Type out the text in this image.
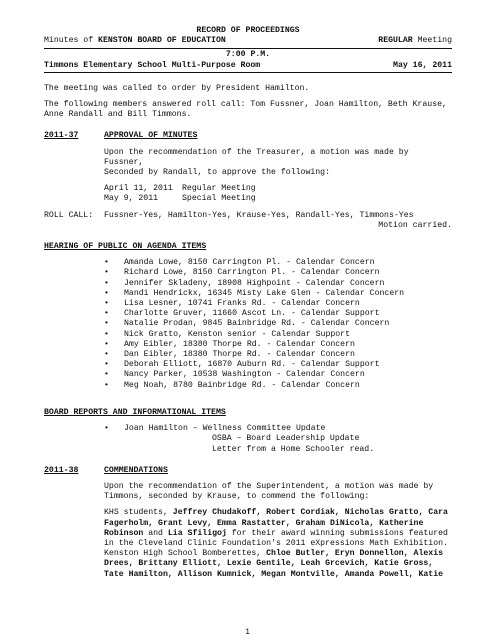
RECORD OF PROCEEDINGS
Minutes of KENSTON BOARD OF EDUCATION	REGULAR Meeting
7:00 P.M.
Timmons Elementary School Multi-Purpose Room	May 16, 2011
The meeting was called to order by President Hamilton.
The following members answered roll call: Tom Fussner, Joan Hamilton, Beth Krause,
Anne Randall and Bill Timmons.
2011-37	APPROVAL OF MINUTES
Upon the recommendation of the Treasurer, a motion was made by Fussner,
Seconded by Randall, to approve the following:
April 11, 2011	Regular Meeting
May 9, 2011	Special Meeting
ROLL CALL:	Fussner-Yes, Hamilton-Yes, Krause-Yes, Randall-Yes, Timmons-Yes
Motion carried.
HEARING OF PUBLIC ON AGENDA ITEMS
• Amanda Lowe, 8150 Carrington Pl. - Calendar Concern
• Richard Lowe, 8150 Carrington Pl. - Calendar Concern
• Jennifer Skladeny, 18908 Highpoint - Calendar Concern
• Mandi Hendrickx, 16345 Misty Lake Glen - Calendar Concern
• Lisa Lesner, 10741 Franks Rd. - Calendar Concern
• Charlotte Gruver, 11660 Ascot Ln. - Calendar Support
• Natalie Prodan, 9845 Bainbridge Rd. - Calendar Concern
• Nick Gratto, Kenston senior - Calendar Support
• Amy Eibler, 18380 Thorpe Rd. - Calendar Concern
• Dan Eibler, 18380 Thorpe Rd. - Calendar Concern
• Deborah Elliott, 16870 Auburn Rd. - Calendar Support
• Nancy Parker, 10538 Washington - Calendar Concern
• Meg Noah, 8780 Bainbridge Rd. - Calendar Concern
BOARD REPORTS AND INFORMATIONAL ITEMS
• Joan Hamilton – Wellness Committee Update
OSBA – Board Leadership Update
Letter from a Home Schooler read.
2011-38	COMMENDATIONS
Upon the recommendation of the Superintendent, a motion was made by
Timmons, seconded by Krause, to commend the following:
KHS students, Jeffrey Chudakoff, Robert Cordiak, Nicholas Gratto, Cara
Fagerholm, Grant Levy, Emma Rastatter, Graham DiNicola, Katherine
Robinson and Lia Sfiligoj for their award winning submissions featured
in the Cleveland Clinic Foundation's 2011 eXpressions Math Exhibition.
Kenston High School Bomberettes, Chloe Butler, Eryn Donnellon, Alexis
Drees, Brittany Elliott, Lexie Gentile, Leah Grcevich, Katie Gross,
Tate Hamilton, Allison Kumnick, Megan Montville, Amanda Powell, Katie
1
